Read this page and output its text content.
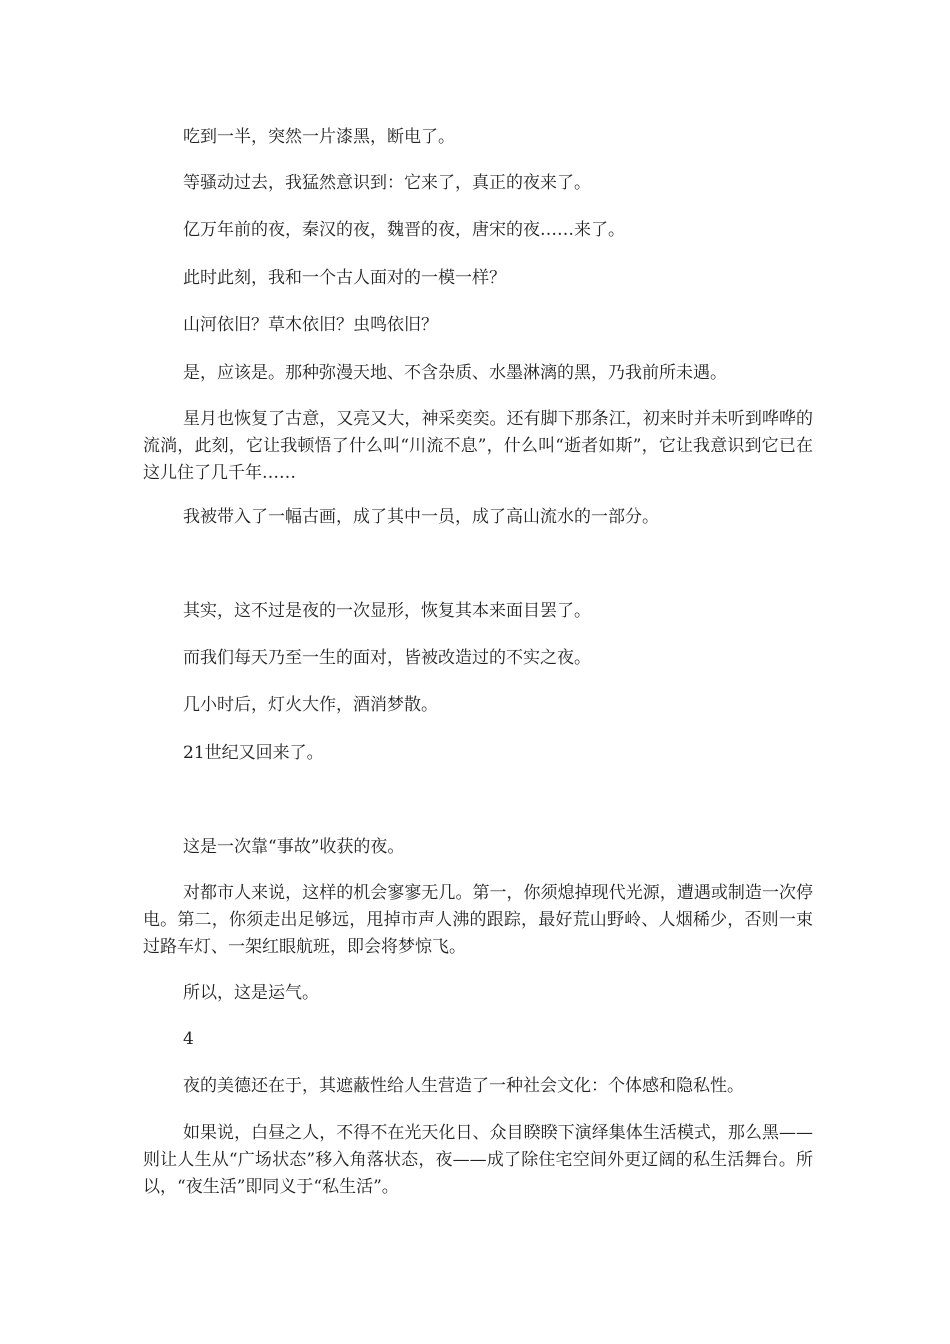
吃到一半，突然一片漆黑，断电了。

等骚动过去，我猛然意识到：它来了，真正的夜来了。

亿万年前的夜，秦汉的夜，魏晋的夜，唐宋的夜……来了。

此时此刻，我和一个古人面对的一模一样？

山河依旧？草木依旧？虫鸣依旧？

是，应该是。那种弥漫天地、不含杂质、水墨淋漓的黑，乃我前所未遇。

星月也恢复了古意，又亮又大，神采奕奕。还有脚下那条江，初来时并未听到哗哗的流淌，此刻，它让我顿悟了什么叫“川流不息”，什么叫“逝者如斯”，它让我意识到它已在这儿住了几千年……

我被带入了一幅古画，成了其中一员，成了高山流水的一部分。

其实，这不过是夜的一次显形，恢复其本来面目罢了。

而我们每天乃至一生的面对，皆被改造过的不实之夜。

几小时后，灯火大作，酒消梦散。

21世纪又回来了。

这是一次靠“事故”收获的夜。

对都市人来说，这样的机会寥寥无几。第一，你须熄掉现代光源，遭遇或制造一次停电。第二，你须走出足够远，甩掉市声人沸的跟踪，最好荒山野岭、人烟稀少，否则一束过路车灯、一架红眼航班，即会将梦惊飞。

所以，这是运气。

4

夜的美德还在于，其遮蔽性给人生营造了一种社会文化：个体感和隐私性。

如果说，白昼之人，不得不在光天化日、众目睽睽下演绎集体生活模式，那么黑——则让人生从“广场状态”移入角落状态，夜——成了除住宅空间外更辽阔的私生活舞台。所以，“夜生活”即同义于“私生活”。
